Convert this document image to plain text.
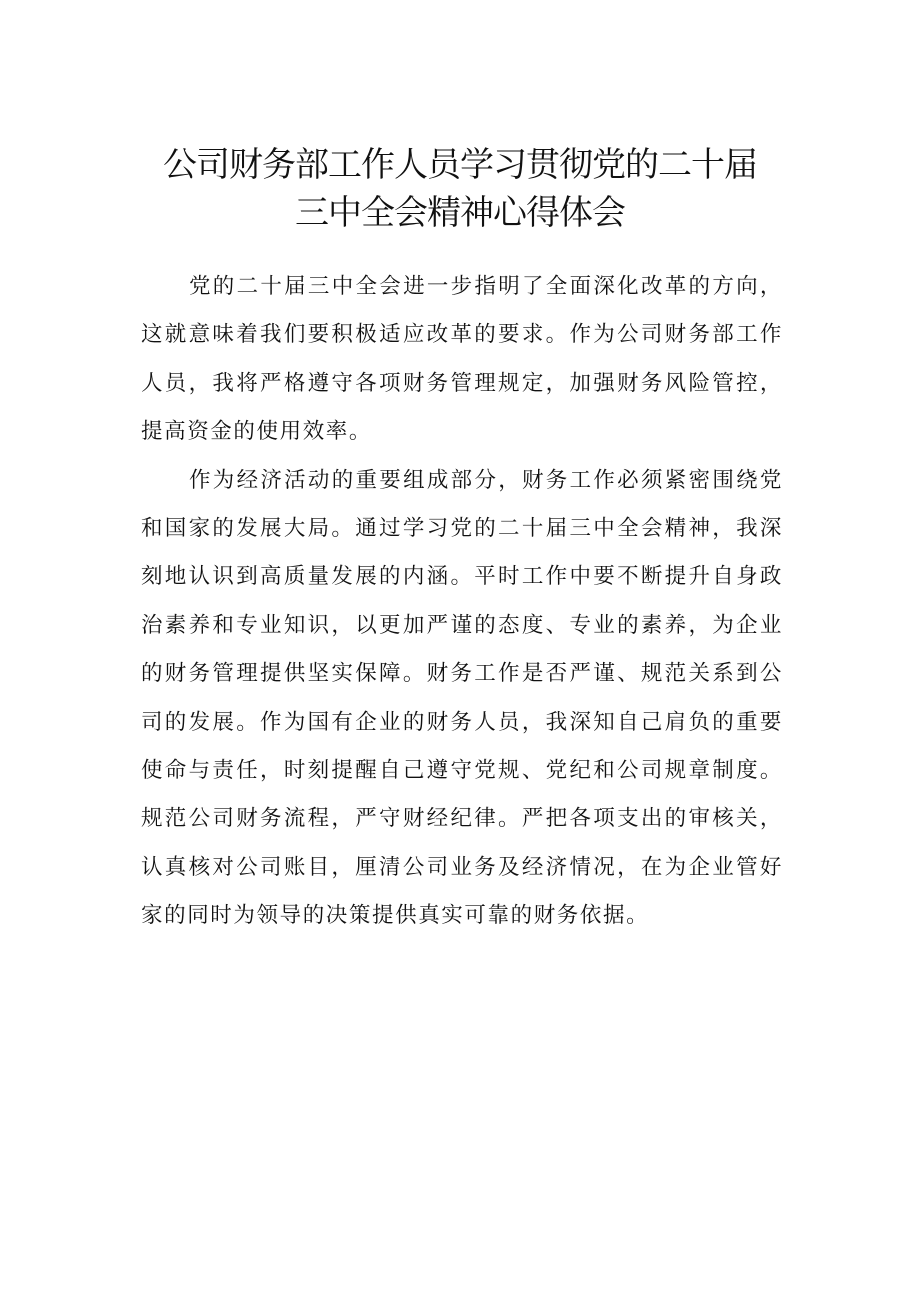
公司财务部工作人员学习贯彻党的二十届
三中全会精神心得体会

党的二十届三中全会进一步指明了全面深化改革的方向，这就意味着我们要积极适应改革的要求。作为公司财务部工作人员，我将严格遵守各项财务管理规定，加强财务风险管控，提高资金的使用效率。

作为经济活动的重要组成部分，财务工作必须紧密围绕党和国家的发展大局。通过学习党的二十届三中全会精神，我深刻地认识到高质量发展的内涵。平时工作中要不断提升自身政治素养和专业知识，以更加严谨的态度、专业的素养，为企业的财务管理提供坚实保障。财务工作是否严谨、规范关系到公司的发展。作为国有企业的财务人员，我深知自己肩负的重要使命与责任，时刻提醒自己遵守党规、党纪和公司规章制度。规范公司财务流程，严守财经纪律。严把各项支出的审核关，认真核对公司账目，厘清公司业务及经济情况，在为企业管好家的同时为领导的决策提供真实可靠的财务依据。
